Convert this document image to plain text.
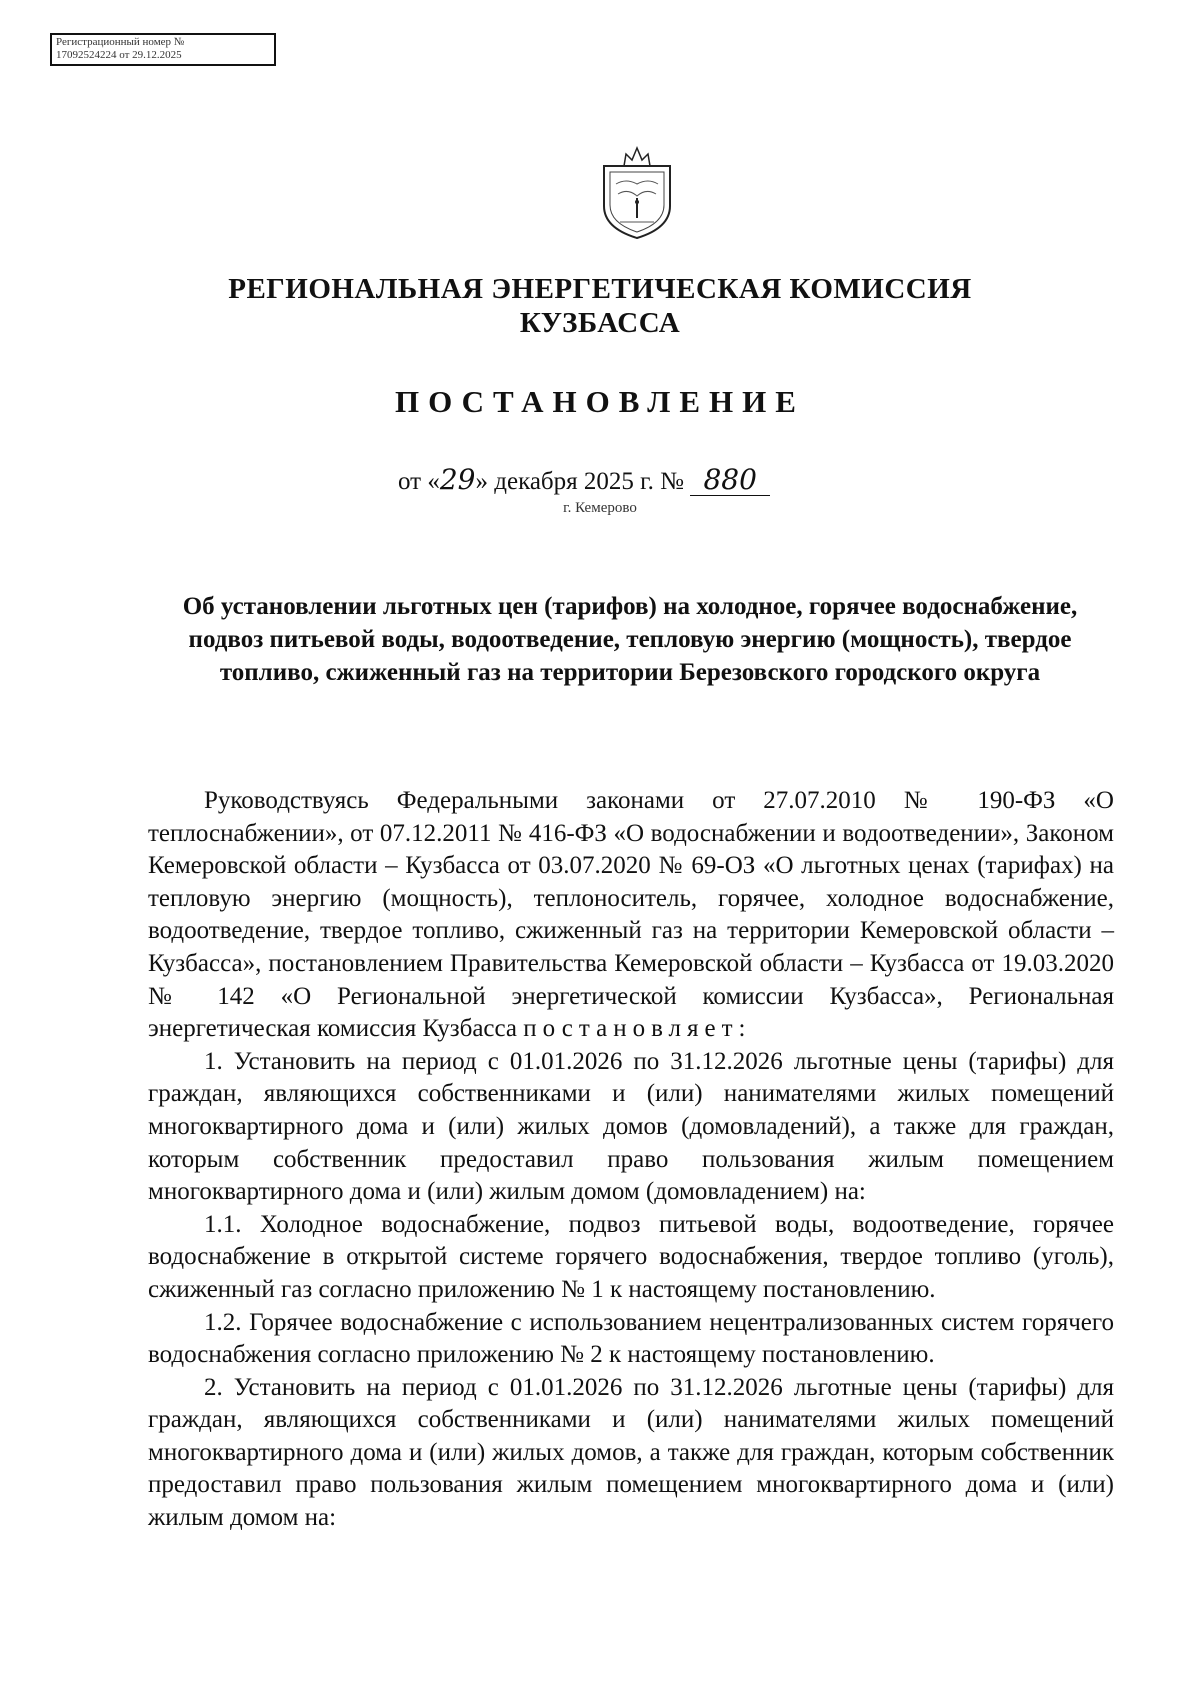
Регистрационный номер №
17092524224 от 29.12.2025
РЕГИОНАЛЬНАЯ ЭНЕРГЕТИЧЕСКАЯ КОМИССИЯ
КУЗБАССА
ПОСТАНОВЛЕНИЕ
от «29» декабря 2025 г. № 880
г. Кемерово
Об установлении льготных цен (тарифов) на холодное, горячее водоснабжение, подвоз питьевой воды, водоотведение, тепловую энергию (мощность), твердое топливо, сжиженный газ на территории Березовского городского округа

Руководствуясь Федеральными законами от 27.07.2010 № 190-ФЗ «О теплоснабжении», от 07.12.2011 № 416-ФЗ «О водоснабжении и водоотведении», Законом Кемеровской области – Кузбасса от 03.07.2020 № 69-ОЗ «О льготных ценах (тарифах) на тепловую энергию (мощность), теплоноситель, горячее, холодное водоснабжение, водоотведение, твердое топливо, сжиженный газ на территории Кемеровской области – Кузбасса», постановлением Правительства Кемеровской области – Кузбасса от 19.03.2020 № 142 «О Региональной энергетической комиссии Кузбасса», Региональная энергетическая комиссия Кузбасса постановляет:

1. Установить на период с 01.01.2026 по 31.12.2026 льготные цены (тарифы) для граждан, являющихся собственниками и (или) нанимателями жилых помещений многоквартирного дома и (или) жилых домов (домовладений), а также для граждан, которым собственник предоставил право пользования жилым помещением многоквартирного дома и (или) жилым домом (домовладением) на:

1.1. Холодное водоснабжение, подвоз питьевой воды, водоотведение, горячее водоснабжение в открытой системе горячего водоснабжения, твердое топливо (уголь), сжиженный газ согласно приложению № 1 к настоящему постановлению.

1.2. Горячее водоснабжение с использованием нецентрализованных систем горячего водоснабжения согласно приложению № 2 к настоящему постановлению.

2. Установить на период с 01.01.2026 по 31.12.2026 льготные цены (тарифы) для граждан, являющихся собственниками и (или) нанимателями жилых помещений многоквартирного дома и (или) жилых домов, а также для граждан, которым собственник предоставил право пользования жилым помещением многоквартирного дома и (или) жилым домом на:
